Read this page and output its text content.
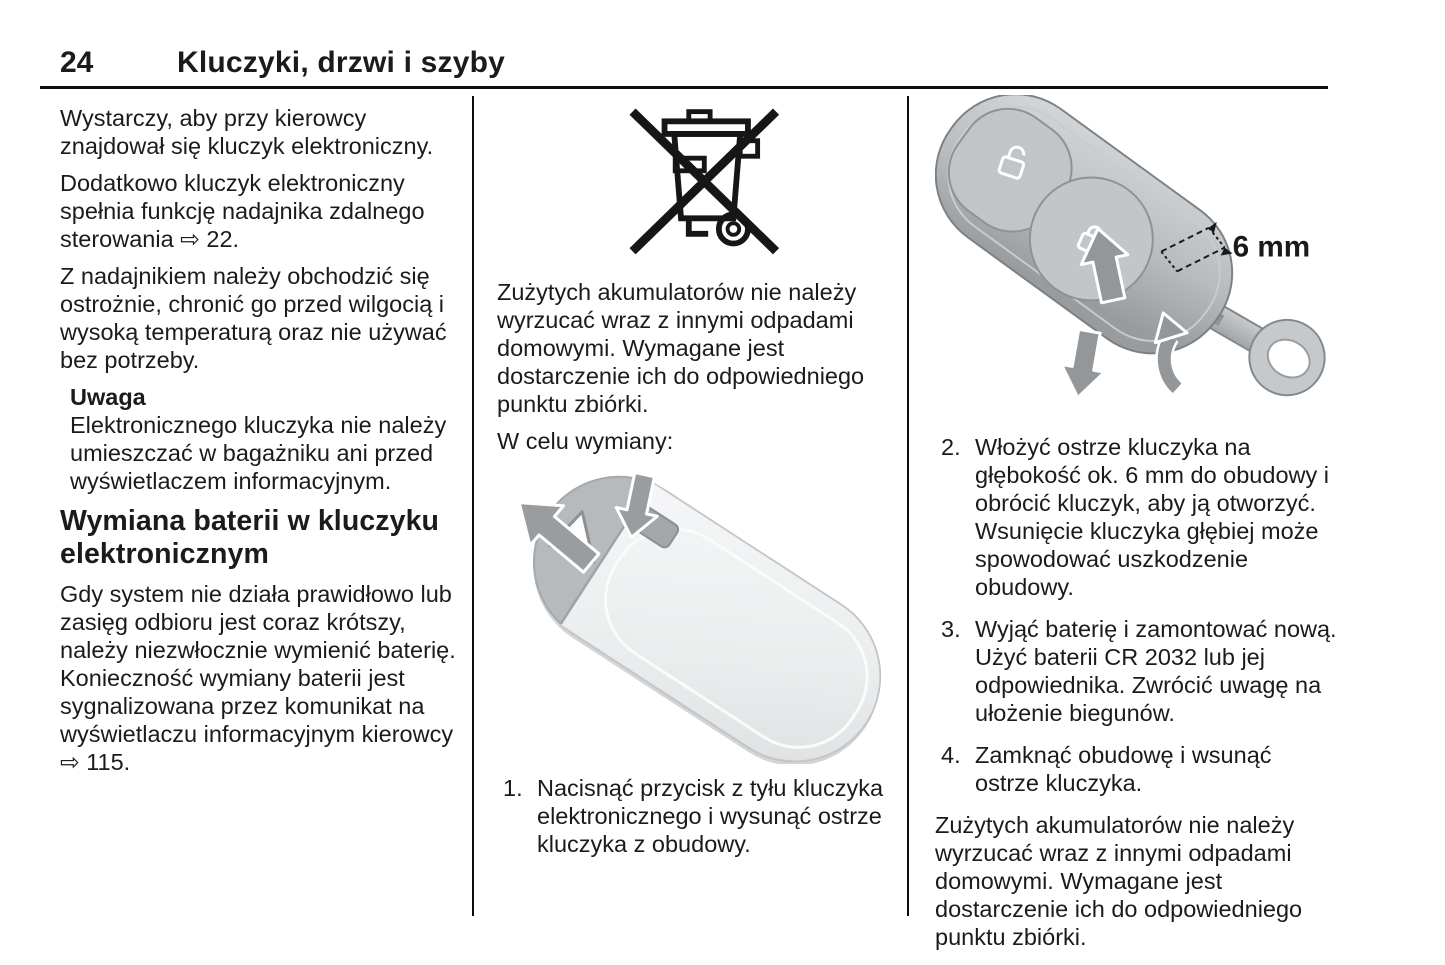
24	Kluczyki, drzwi i szyby

Wystarczy, aby przy kierowcy znajdował się kluczyk elektroniczny.

Dodatkowo kluczyk elektroniczny spełnia funkcję nadajnika zdalnego sterowania ⇨ 22.

Z nadajnikiem należy obchodzić się ostrożnie, chronić go przed wilgocią i wysoką temperaturą oraz nie używać bez potrzeby.

Uwaga

Elektronicznego kluczyka nie należy umieszczać w bagażniku ani przed wyświetlaczem informacyjnym.

Wymiana baterii w kluczyku elektronicznym

Gdy system nie działa prawidłowo lub zasięg odbioru jest coraz krótszy, należy niezwłocznie wymienić baterię. Konieczność wymiany baterii jest sygnalizowana przez komunikat na wyświetlaczu informacyjnym kierowcy ⇨ 115.

Zużytych akumulatorów nie należy wyrzucać wraz z innymi odpadami domowymi. Wymagane jest dostarczenie ich do odpowiedniego punktu zbiórki.

W celu wymiany:

1. Nacisnąć przycisk z tyłu kluczyka elektronicznego i wysunąć ostrze kluczyka z obudowy.
6 mm
2. Włożyć ostrze kluczyka na głębokość ok. 6 mm do obudowy i obrócić kluczyk, aby ją otworzyć. Wsunięcie kluczyka głębiej może spowodować uszkodzenie obudowy.
3. Wyjąć baterię i zamontować nową. Użyć baterii CR 2032 lub jej odpowiednika. Zwrócić uwagę na ułożenie biegunów.
4. Zamknąć obudowę i wsunąć ostrze kluczyka.

Zużytych akumulatorów nie należy wyrzucać wraz z innymi odpadami domowymi. Wymagane jest dostarczenie ich do odpowiedniego punktu zbiórki.
